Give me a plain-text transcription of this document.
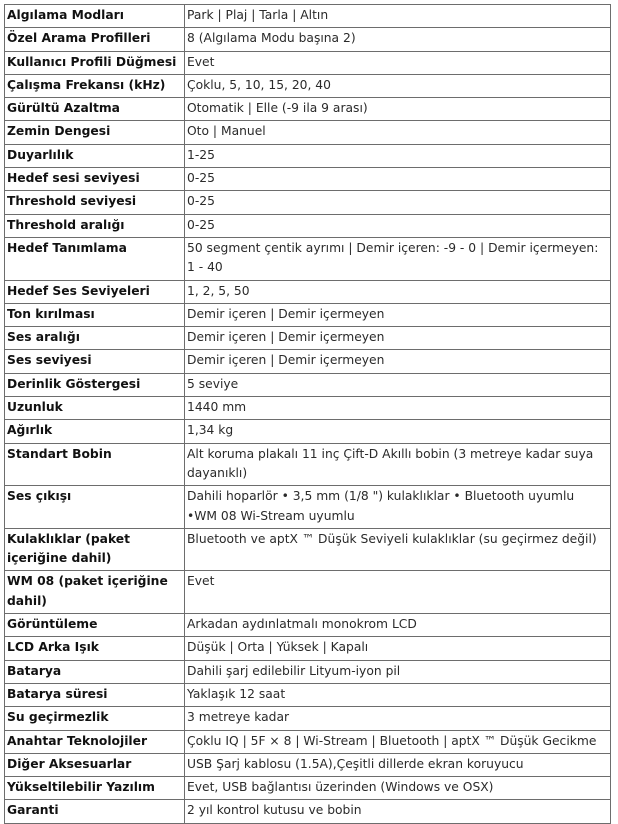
Algılama Modları	Park | Plaj | Tarla | Altın
Özel Arama Profilleri	8 (Algılama Modu başına 2)
Kullanıcı Profili Düğmesi	Evet
Çalışma Frekansı (kHz)	Çoklu, 5, 10, 15, 20, 40
Gürültü Azaltma	Otomatik | Elle (-9 ila 9 arası)
Zemin Dengesi	Oto | Manuel
Duyarlılık	1-25
Hedef sesi seviyesi	0-25
Threshold seviyesi	0-25
Threshold aralığı	0-25
Hedef Tanımlama	50 segment çentik ayrımı | Demir içeren: -9 - 0 | Demir içermeyen: 1 - 40
Hedef Ses Seviyeleri	1, 2, 5, 50
Ton kırılması	Demir içeren | Demir içermeyen
Ses aralığı	Demir içeren | Demir içermeyen
Ses seviyesi	Demir içeren | Demir içermeyen
Derinlik Göstergesi	5 seviye
Uzunluk	1440 mm
Ağırlık	1,34 kg
Standart Bobin	Alt koruma plakalı 11 inç Çift-D Akıllı bobin (3 metreye kadar suya dayanıklı)
Ses çıkışı	Dahili hoparlör • 3,5 mm (1/8 ") kulaklıklar • Bluetooth uyumlu •WM 08 Wi-Stream uyumlu
Kulaklıklar (paket içeriğine dahil)	Bluetooth ve aptX ™ Düşük Seviyeli kulaklıklar (su geçirmez değil)
WM 08 (paket içeriğine dahil)	Evet
Görüntüleme	Arkadan aydınlatmalı monokrom LCD
LCD Arka Işık	Düşük | Orta | Yüksek | Kapalı
Batarya	Dahili şarj edilebilir Lityum-iyon pil
Batarya süresi	Yaklaşık 12 saat
Su geçirmezlik	3 metreye kadar
Anahtar Teknolojiler	Çoklu IQ | 5F × 8 | Wi-Stream | Bluetooth | aptX ™ Düşük Gecikme
Diğer Aksesuarlar	USB Şarj kablosu (1.5A),Çeşitli dillerde ekran koruyucu
Yükseltilebilir Yazılım	Evet, USB bağlantısı üzerinden (Windows ve OSX)
Garanti	2 yıl kontrol kutusu ve bobin
